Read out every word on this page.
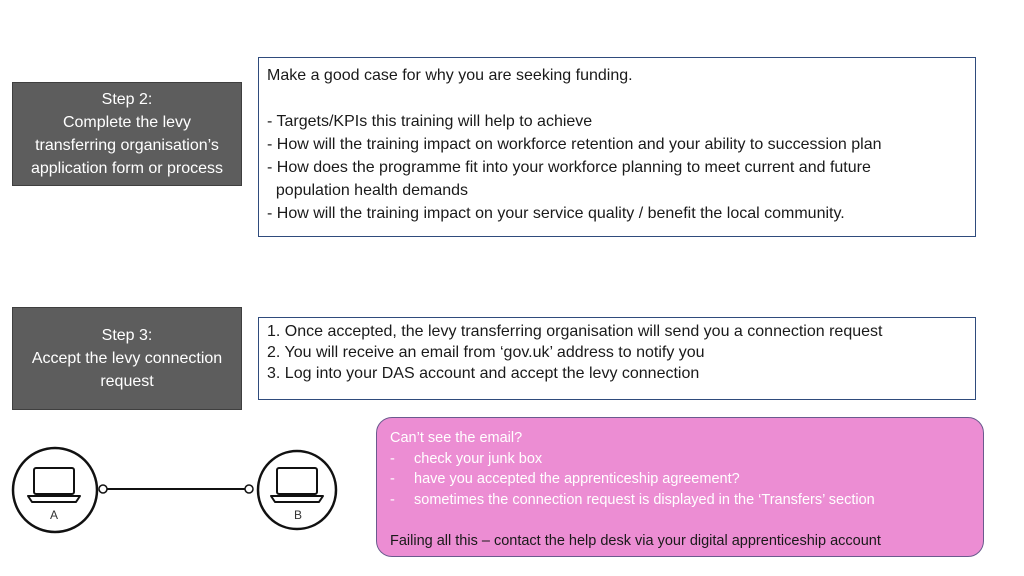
Step 2:
Complete the levy
transferring organisation’s
application form or process
Make a good case for why you are seeking funding.
- Targets/KPIs this training will help to achieve
- How will the training impact on workforce retention and your ability to succession plan
- How does the programme fit into your workforce planning to meet current and future
population health demands
- How will the training impact on your service quality / benefit the local community.
Step 3:
Accept the levy connection
request
1. Once accepted, the levy transferring organisation will send you a connection request
2. You will receive an email from ‘gov.uk’ address to notify you
3. Log into your DAS account and accept the levy connection
A	B
Can’t see the email?
-	check your junk box
-	have you accepted the apprenticeship agreement?
-	sometimes the connection request is displayed in the ‘Transfers’ section
Failing all this – contact the help desk via your digital apprenticeship account
